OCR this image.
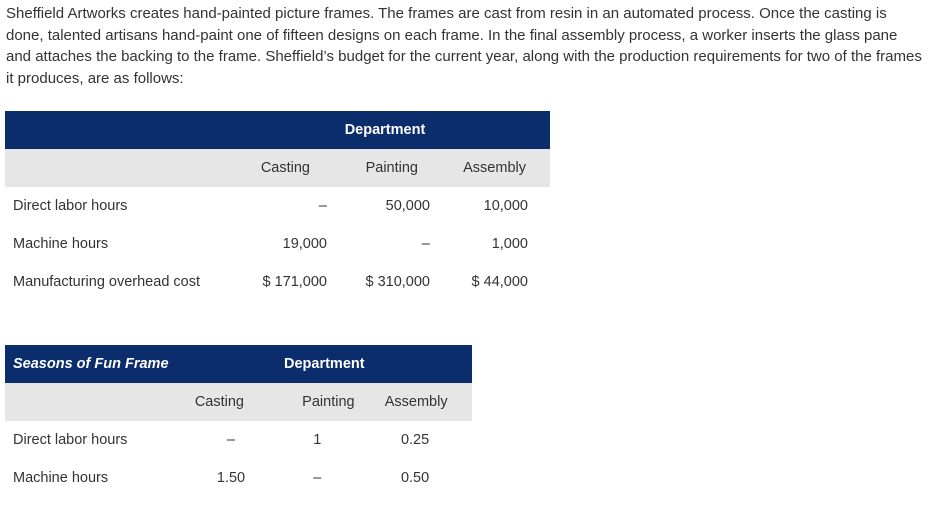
Sheffield Artworks creates hand-painted picture frames. The frames are cast from resin in an automated process. Once the casting is done, talented artisans hand-paint one of fifteen designs on each frame. In the final assembly process, a worker inserts the glass pane and attaches the backing to the frame. Sheffield’s budget for the current year, along with the production requirements for two of the frames it produces, are as follows:

	Department		
	Casting	Painting	Assembly
Direct labor hours	–	50,000	10,000
Machine hours	19,000	–	1,000
Manufacturing overhead cost	$ 171,000	$ 310,000	$ 44,000
Seasons of Fun Frame		Department	
	Casting	Painting	Assembly
Direct labor hours	–	1	0.25
Machine hours	1.50	–	0.50
